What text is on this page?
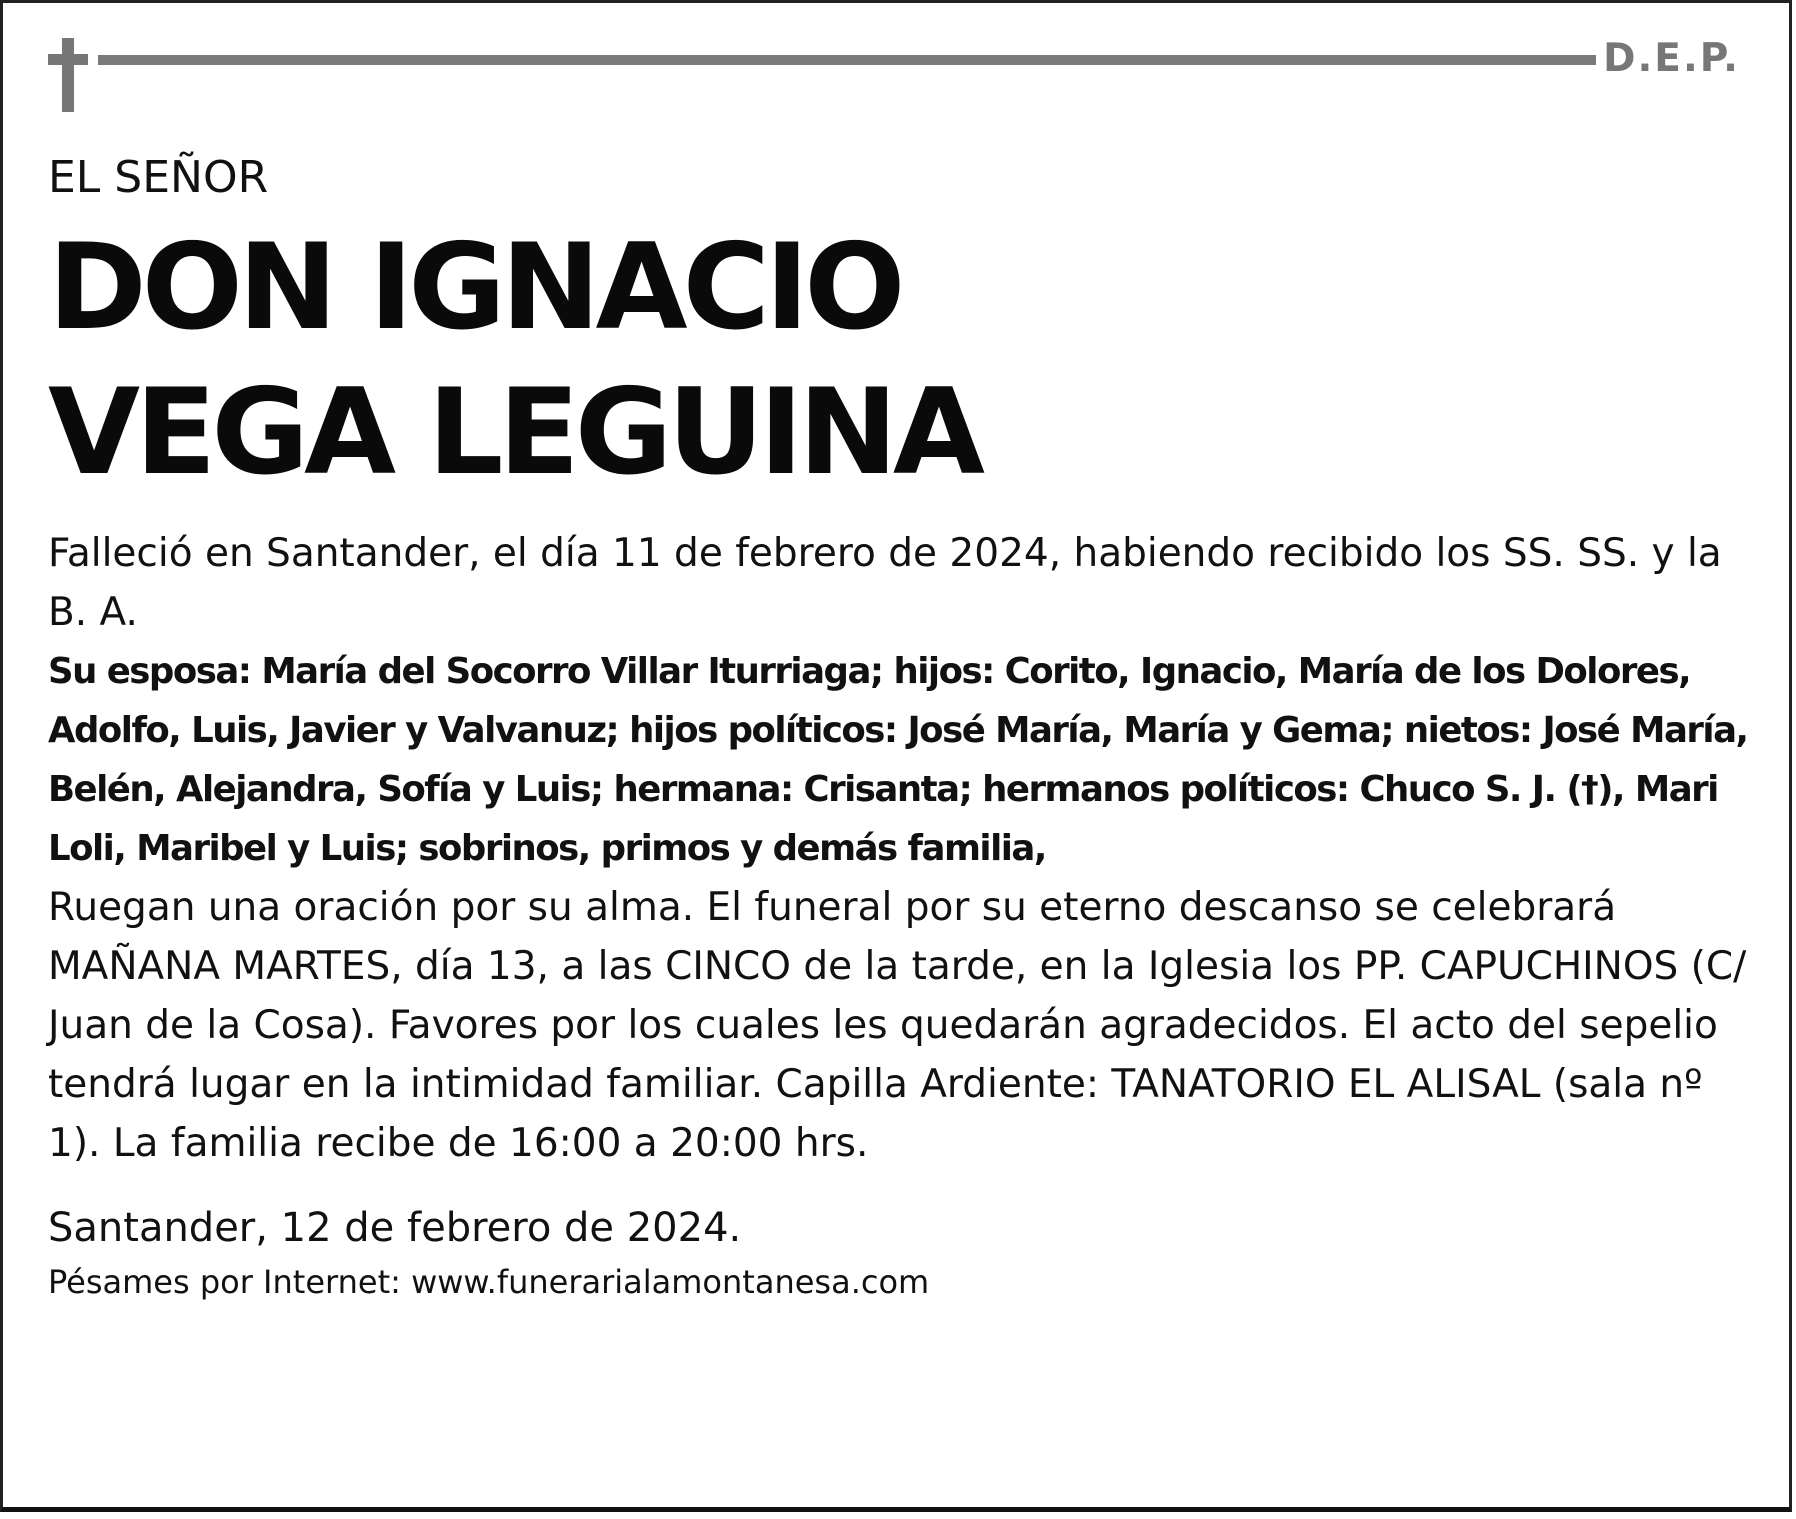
D.E.P.

EL SEÑOR

DON IGNACIO
VEGA LEGUINA

Falleció en Santander, el día 11 de febrero de 2024, habiendo recibido los SS. SS. y la B. A.

Su esposa: María del Socorro Villar Iturriaga; hijos: Corito, Ignacio, María de los Dolores, Adolfo, Luis, Javier y Valvanuz; hijos políticos: José María, María y Gema; nietos: José María, Belén, Alejandra, Sofía y Luis; hermana: Crisanta; hermanos políticos: Chuco S. J. (†), Mari Loli, Maribel y Luis; sobrinos, primos y demás familia,

Ruegan una oración por su alma. El funeral por su eterno descanso se celebrará MAÑANA MARTES, día 13, a las CINCO de la tarde, en la Iglesia los PP. CAPUCHINOS (C/ Juan de la Cosa). Favores por los cuales les quedarán agradecidos. El acto del sepelio tendrá lugar en la intimidad familiar. Capilla Ardiente: TANATORIO EL ALISAL (sala nº 1). La familia recibe de 16:00 a 20:00 hrs.

Santander, 12 de febrero de 2024.

Pésames por Internet: www.funerarialamontanesa.com
